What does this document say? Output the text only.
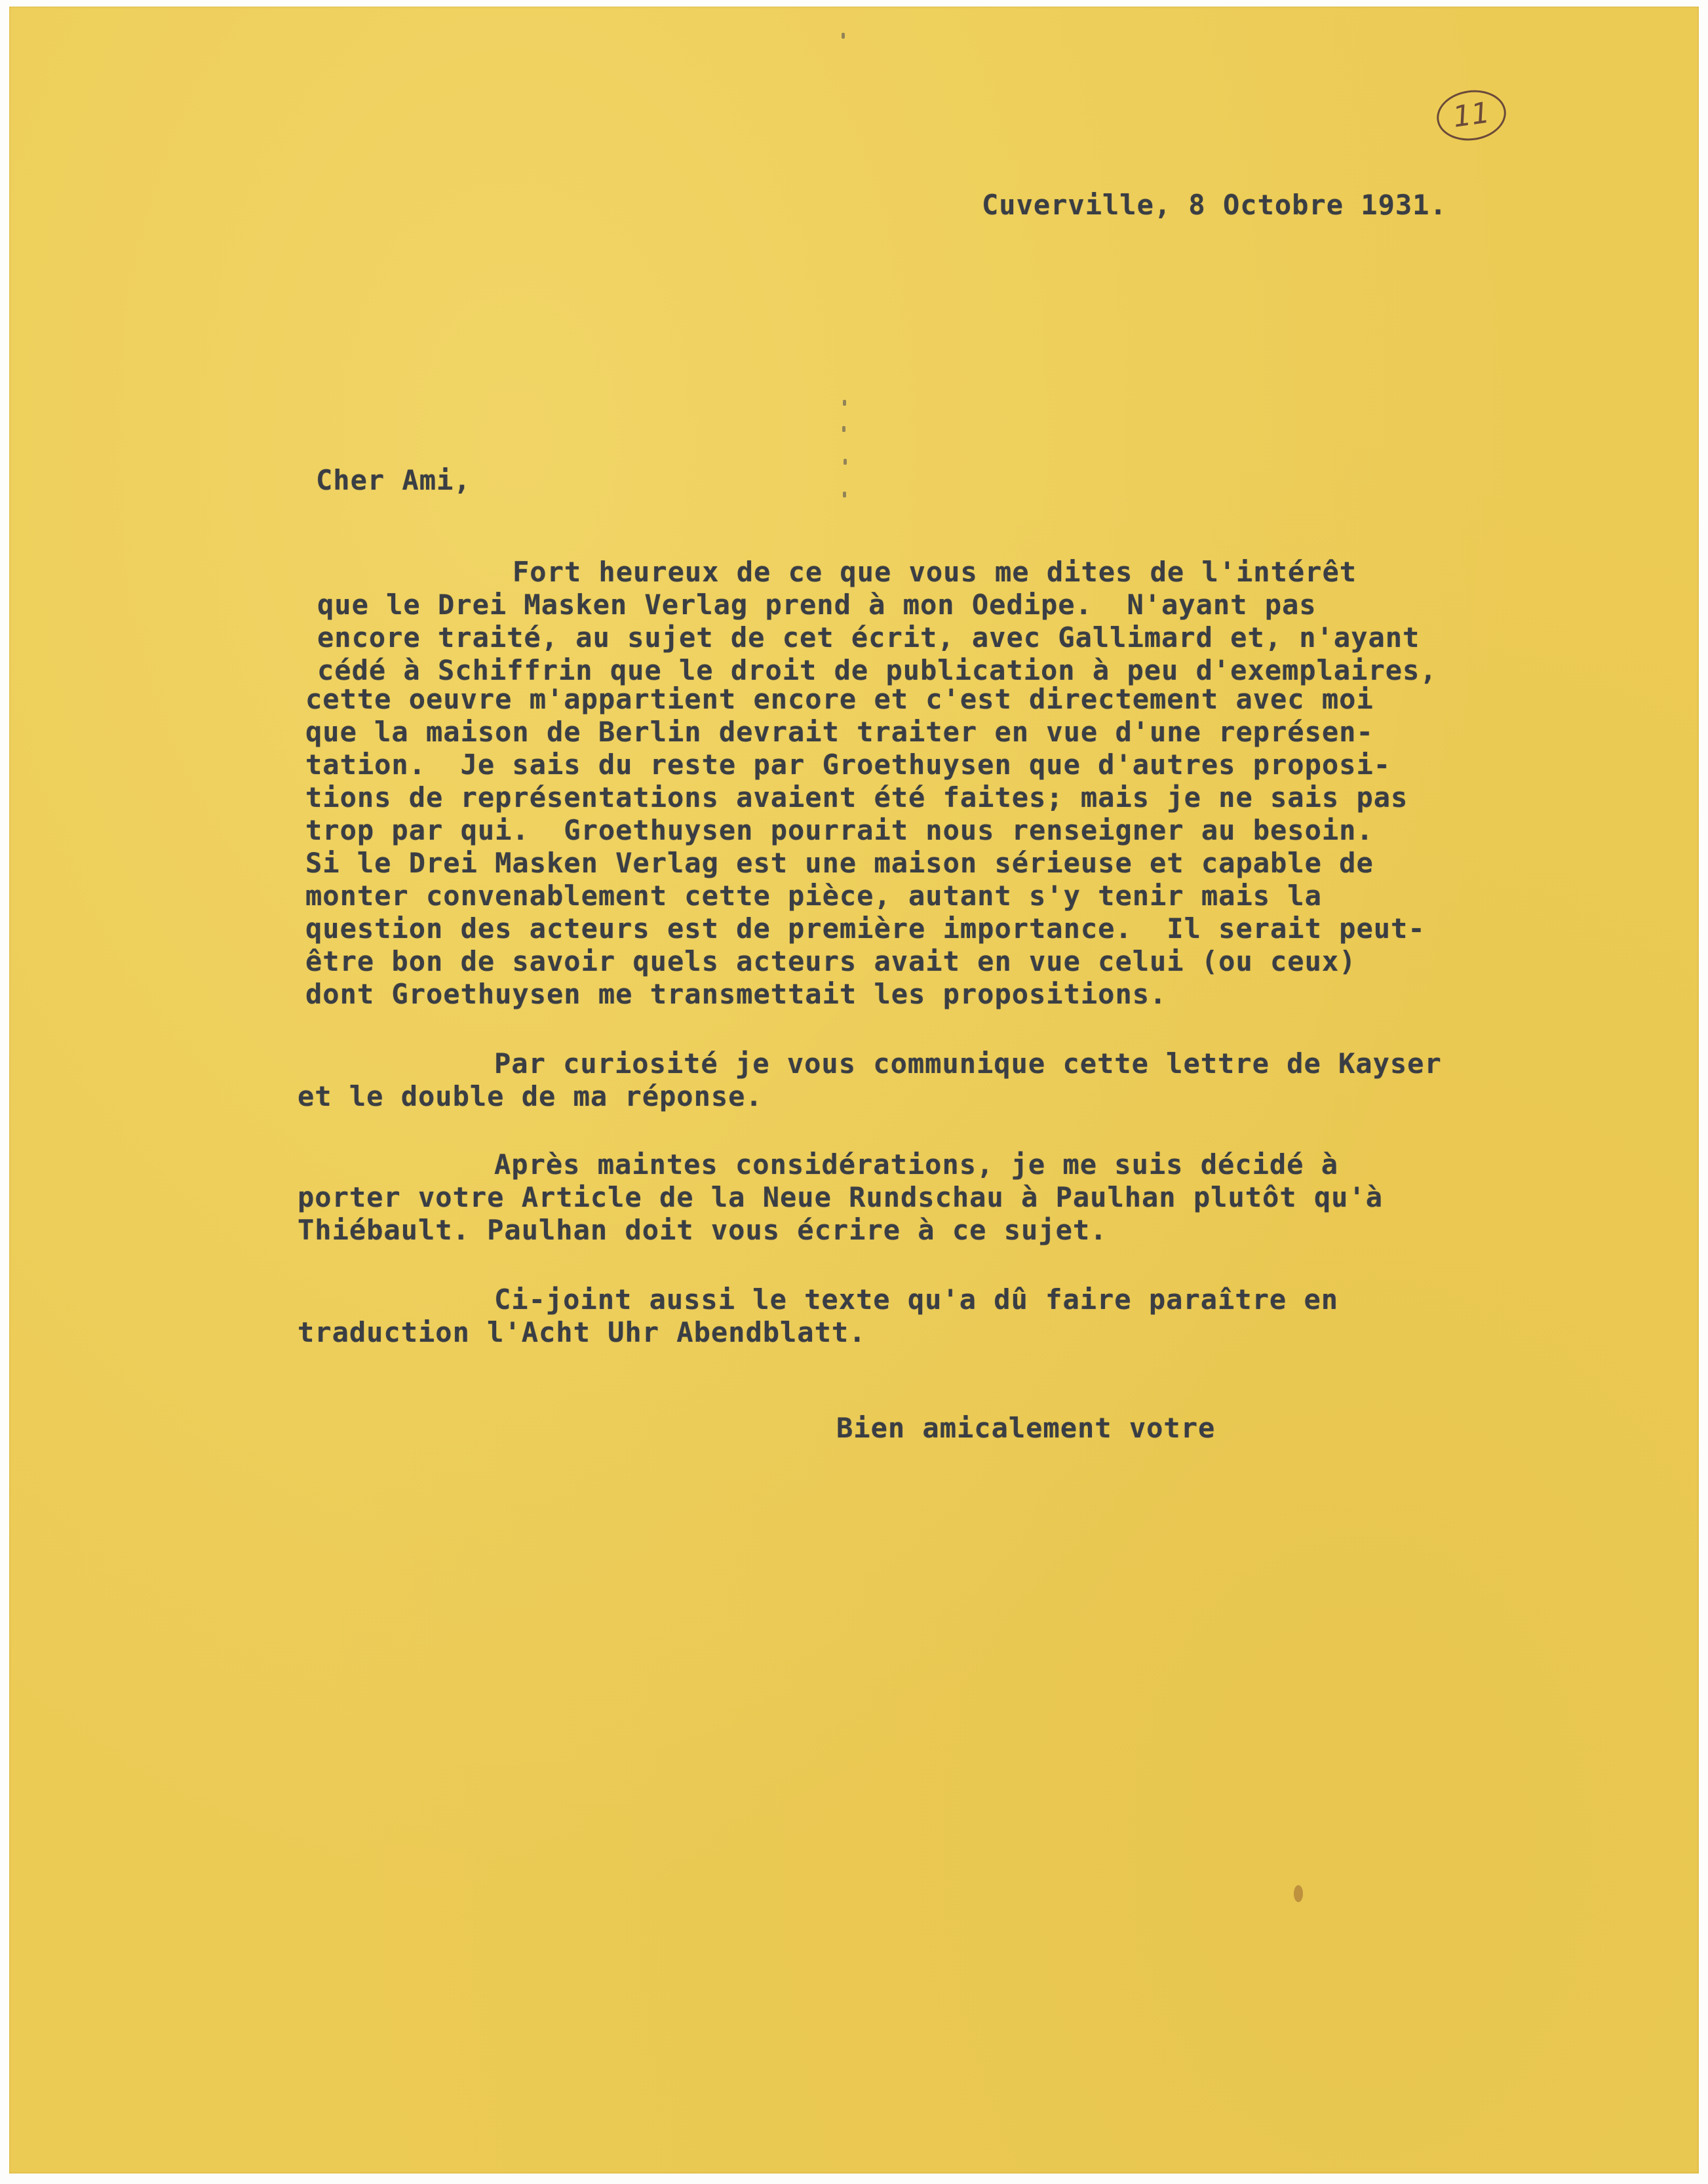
11
Cuverville, 8 Octobre 1931.
Cher Ami,
Fort heureux de ce que vous me dites de l'intérêt
que le Drei Masken Verlag prend à mon Oedipe.  N'ayant pas
encore traité, au sujet de cet écrit, avec Gallimard et, n'ayant
cédé à Schiffrin que le droit de publication à peu d'exemplaires,
cette oeuvre m'appartient encore et c'est directement avec moi
que la maison de Berlin devrait traiter en vue d'une représen-
tation.  Je sais du reste par Groethuysen que d'autres proposi-
tions de représentations avaient été faites; mais je ne sais pas
trop par qui.  Groethuysen pourrait nous renseigner au besoin.
Si le Drei Masken Verlag est une maison sérieuse et capable de
monter convenablement cette pièce, autant s'y tenir mais la
question des acteurs est de première importance.  Il serait peut-
être bon de savoir quels acteurs avait en vue celui (ou ceux)
dont Groethuysen me transmettait les propositions.
Par curiosité je vous communique cette lettre de Kayser
et le double de ma réponse.
Après maintes considérations, je me suis décidé à
porter votre Article de la Neue Rundschau à Paulhan plutôt qu'à
Thiébault. Paulhan doit vous écrire à ce sujet.
Ci-joint aussi le texte qu'a dû faire paraître en
traduction l'Acht Uhr Abendblatt.
Bien amicalement votre
